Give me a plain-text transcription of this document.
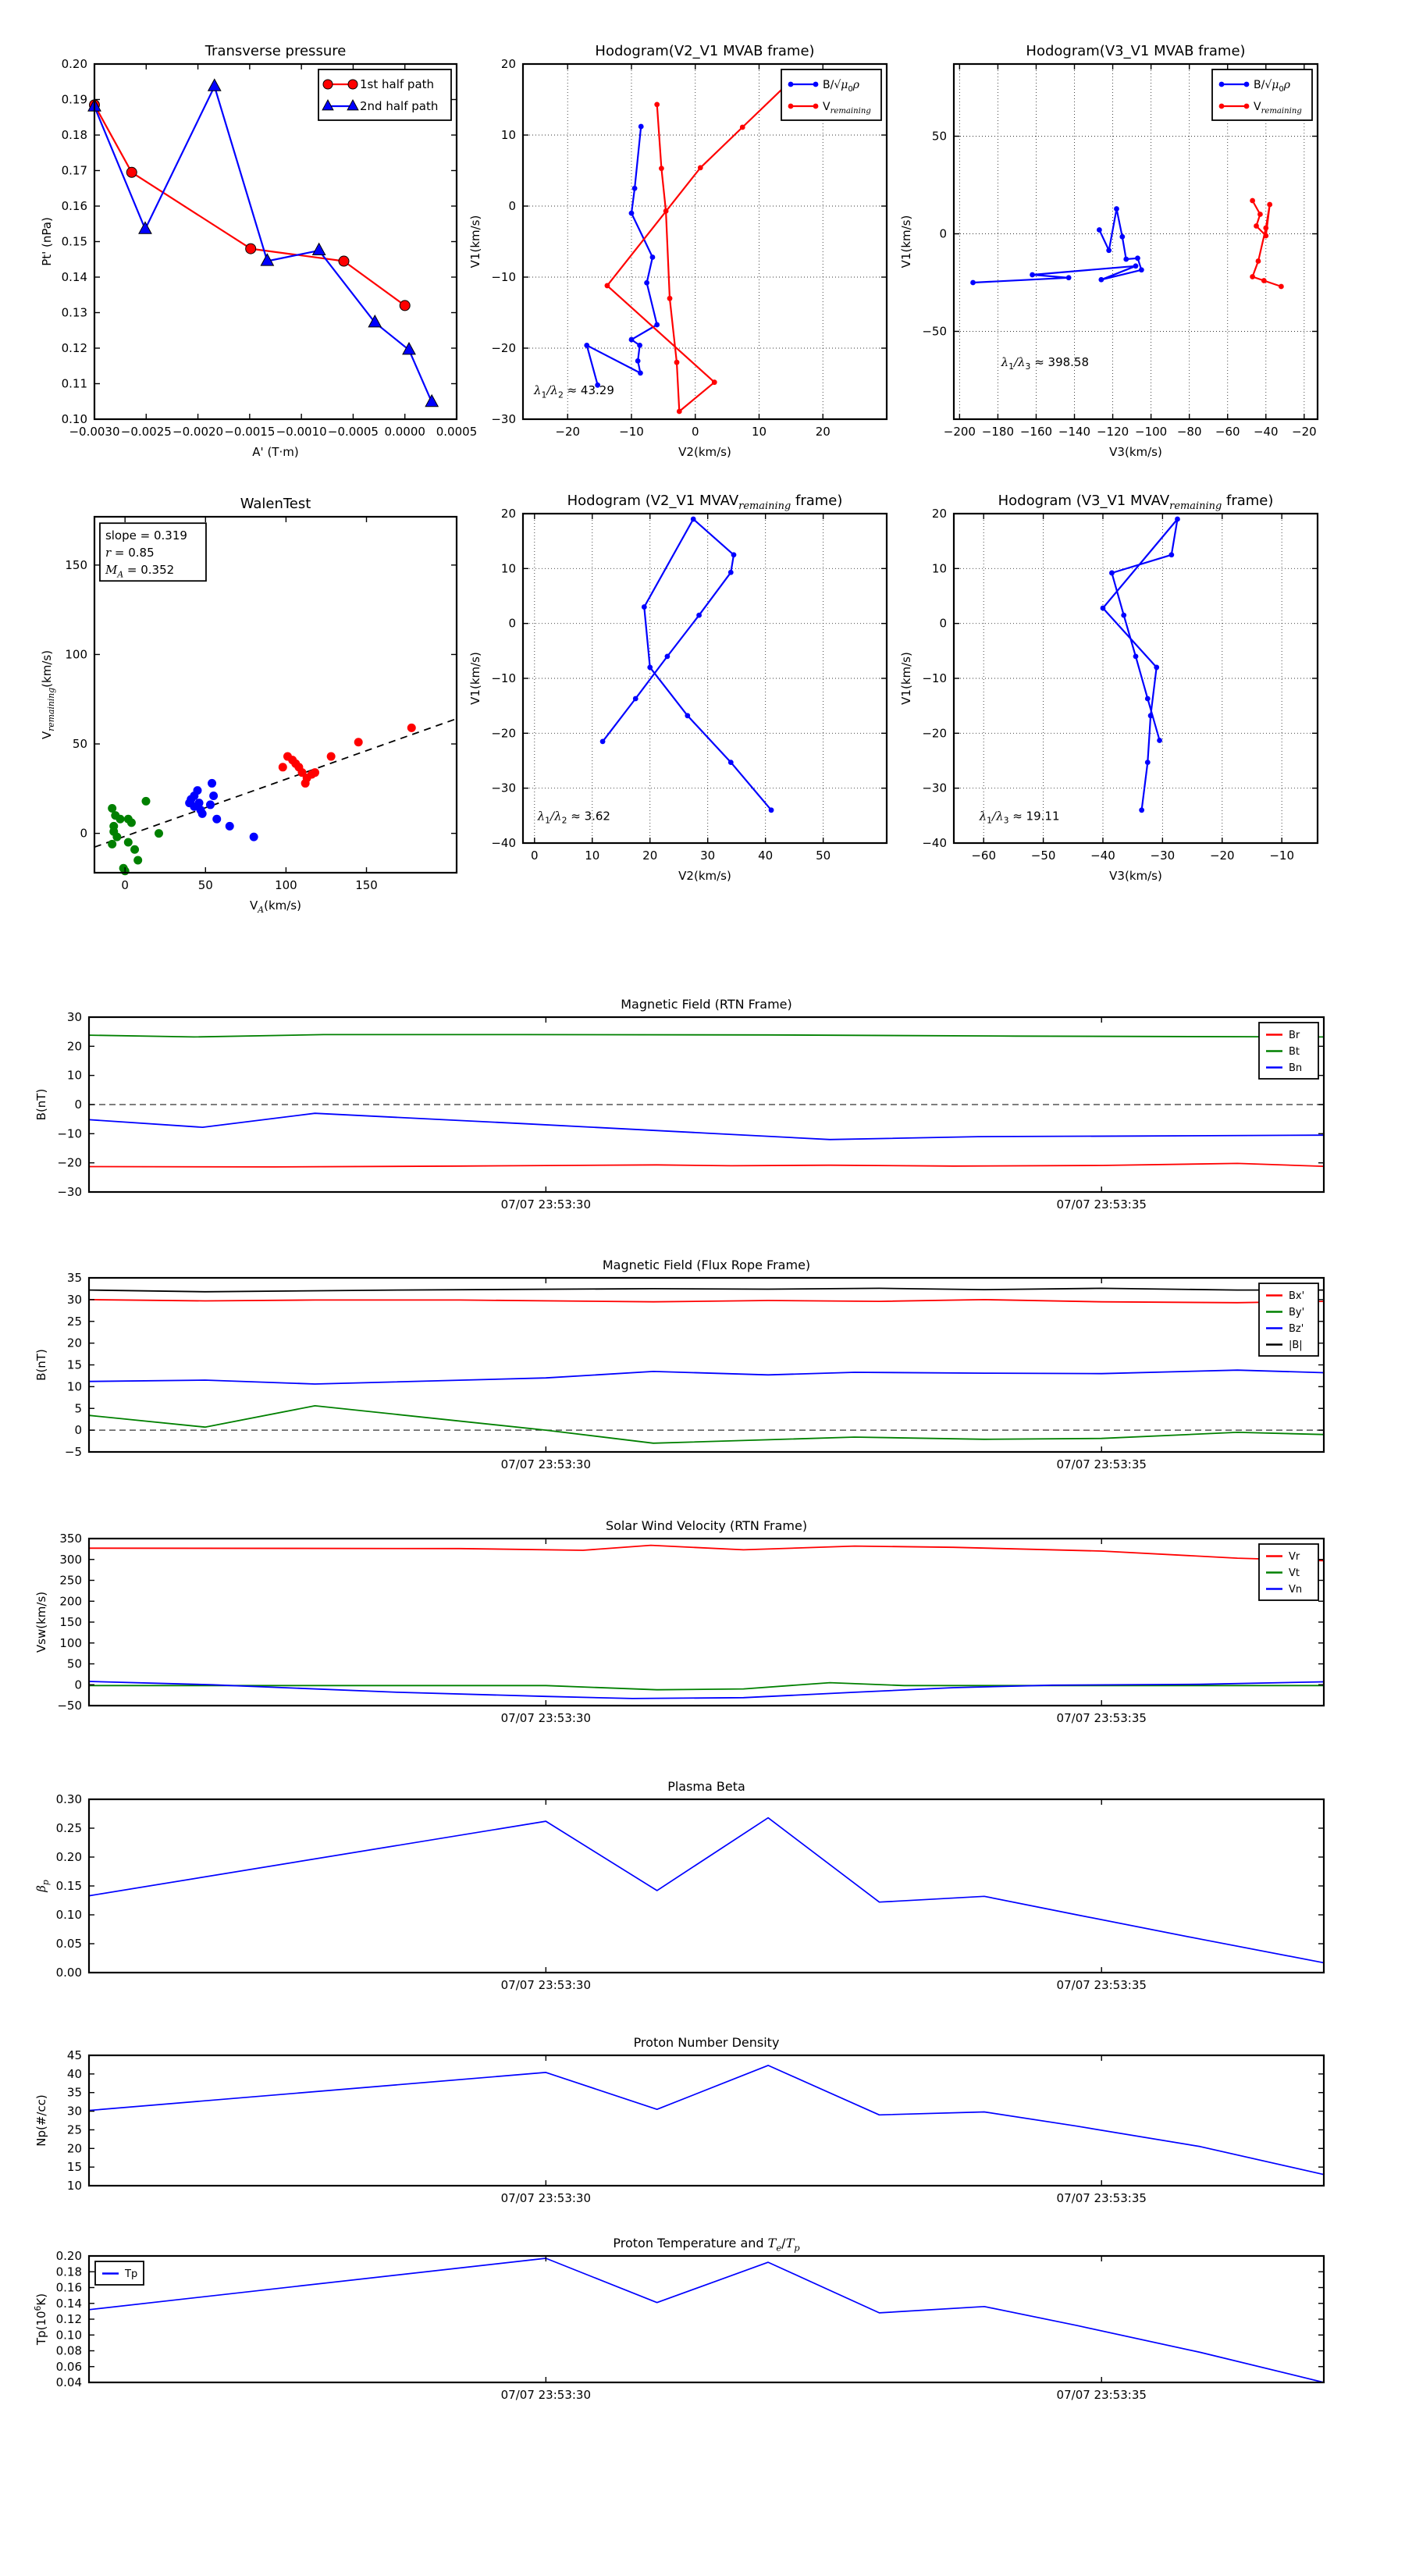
−0.0030 −0.0025 −0.0020 −0.0015 −0.0010 −0.0005 0.0000 0.0005
0.10
0.11
0.12
0.13
0.14
0.15
0.16
0.17
0.18
0.19
0.20
Transverse pressure
A' (T·m)
Pt' (nPa)
1st half path
2nd half path
−20	−10	0	10	20
−30
−20
−10
0
10
20
Hodogram(V2_V1 MVAB frame)
V2(km/s)
V1(km/s)
$B/√\mu_0\rho$
$V_{remaining}$
$\lambda_1/\lambda_2 \approx 43.29$
−200 −180 −160 −140 −120 −100 −80 −60 −40 −20
−50
0
50
Hodogram(V3_V1 MVAB frame)
V3(km/s)
V1(km/s)
$B/√\mu_0\rho$
$V_{remaining}$
$\lambda_1/\lambda_3 \approx 398.58$
0	50	100	150
0
50
100
150
WalenTest
$V_A(km/s)$
$V_{remaining}(km/s)$
slope = 0.319
r = 0.85
$M_A = 0.352$
0	10	20	30	40	50
−40
−30
−20
−10
0
10
20
Hodogram (V2_V1 $MVAV_{remaining}$ frame)
V2(km/s)
V1(km/s)
$\lambda_1/\lambda_2 \approx 3.62$
−60	−50	−40	−30	−20	−10
−40
−30
−20
−10
0
10
20
Hodogram (V3_V1 $MVAV_{remaining}$ frame)
V3(km/s)
V1(km/s)
$\lambda_1/\lambda_3 \approx 19.11$
07/07 23:53:30	07/07 23:53:35
−30
−20
−10
0
10
20
30
Magnetic Field (RTN Frame)
B(nT)
Br
Bt
Bn
07/07 23:53:30	07/07 23:53:35
−5
0
5
10
15
20
25
30
35
Magnetic Field (Flux Rope Frame)
B(nT)
Bx'
By'
Bz'
|B|
07/07 23:53:30	07/07 23:53:35
−50
0
50
100
150
200
250
300
350
Solar Wind Velocity (RTN Frame)
Vsw(km/s)
Vr
Vt
Vn
07/07 23:53:30	07/07 23:53:35
0.00
0.05
0.10
0.15
0.20
0.25
0.30
Plasma Beta
$\beta_p$
07/07 23:53:30	07/07 23:53:35
10
15
20
25
30
35
40
45
Proton Number Density
Np(#/cc)
07/07 23:53:30	07/07 23:53:35
0.04
0.06
0.08
0.10
0.12
0.14
0.16
0.18
0.20
Proton Temperature and $T_e/T_p$
$Tp(10^6K)$
Tp
